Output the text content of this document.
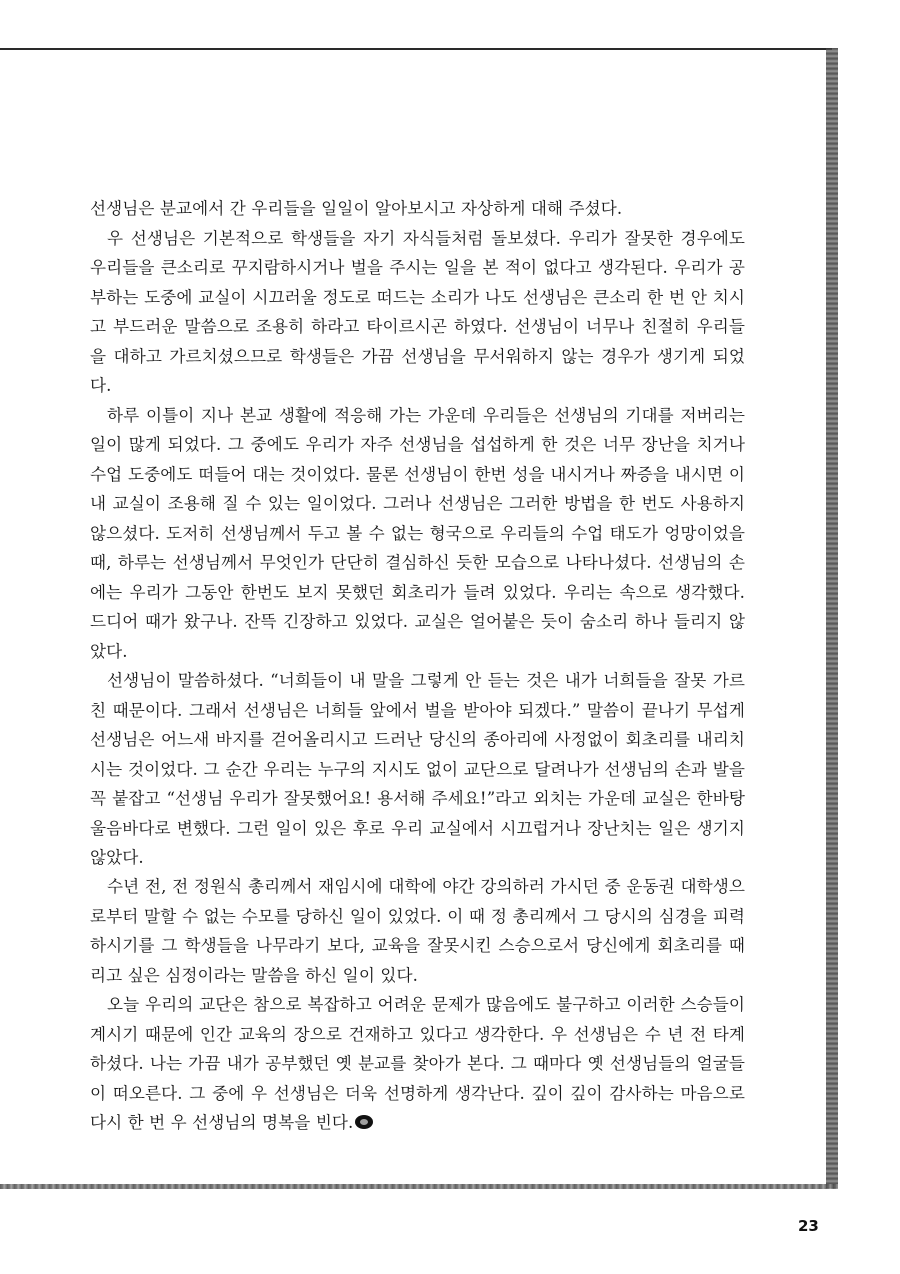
선생님은 분교에서 간 우리들을 일일이 알아보시고 자상하게 대해 주셨다.

우 선생님은 기본적으로 학생들을 자기 자식들처럼 돌보셨다. 우리가 잘못한 경우에도 우리들을 큰소리로 꾸지람하시거나 벌을 주시는 일을 본 적이 없다고 생각된다. 우리가 공부하는 도중에 교실이 시끄러울 정도로 떠드는 소리가 나도 선생님은 큰소리 한 번 안 치시고 부드러운 말씀으로 조용히 하라고 타이르시곤 하였다. 선생님이 너무나 친절히 우리들을 대하고 가르치셨으므로 학생들은 가끔 선생님을 무서워하지 않는 경우가 생기게 되었다.

하루 이틀이 지나 본교 생활에 적응해 가는 가운데 우리들은 선생님의 기대를 저버리는 일이 많게 되었다. 그 중에도 우리가 자주 선생님을 섭섭하게 한 것은 너무 장난을 치거나 수업 도중에도 떠들어 대는 것이었다. 물론 선생님이 한번 성을 내시거나 짜증을 내시면 이내 교실이 조용해 질 수 있는 일이었다. 그러나 선생님은 그러한 방법을 한 번도 사용하지 않으셨다. 도저히 선생님께서 두고 볼 수 없는 형국으로 우리들의 수업 태도가 엉망이었을 때, 하루는 선생님께서 무엇인가 단단히 결심하신 듯한 모습으로 나타나셨다. 선생님의 손에는 우리가 그동안 한번도 보지 못했던 회초리가 들려 있었다. 우리는 속으로 생각했다. 드디어 때가 왔구나. 잔뜩 긴장하고 있었다. 교실은 얼어붙은 듯이 숨소리 하나 들리지 않았다.

선생님이 말씀하셨다. “너희들이 내 말을 그렇게 안 듣는 것은 내가 너희들을 잘못 가르친 때문이다. 그래서 선생님은 너희들 앞에서 벌을 받아야 되겠다.” 말씀이 끝나기 무섭게 선생님은 어느새 바지를 걷어올리시고 드러난 당신의 종아리에 사정없이 회초리를 내리치시는 것이었다. 그 순간 우리는 누구의 지시도 없이 교단으로 달려나가 선생님의 손과 발을 꼭 붙잡고 “선생님 우리가 잘못했어요! 용서해 주세요!”라고 외치는 가운데 교실은 한바탕 울음바다로 변했다. 그런 일이 있은 후로 우리 교실에서 시끄럽거나 장난치는 일은 생기지 않았다.

수년 전, 전 정원식 총리께서 재임시에 대학에 야간 강의하러 가시던 중 운동권 대학생으로부터 말할 수 없는 수모를 당하신 일이 있었다. 이 때 정 총리께서 그 당시의 심경을 피력하시기를 그 학생들을 나무라기 보다, 교육을 잘못시킨 스승으로서 당신에게 회초리를 때리고 싶은 심정이라는 말씀을 하신 일이 있다.

오늘 우리의 교단은 참으로 복잡하고 어려운 문제가 많음에도 불구하고 이러한 스승들이 계시기 때문에 인간 교육의 장으로 건재하고 있다고 생각한다. 우 선생님은 수 년 전 타계하셨다. 나는 가끔 내가 공부했던 옛 분교를 찾아가 본다. 그 때마다 옛 선생님들의 얼굴들이 떠오른다. 그 중에 우 선생님은 더욱 선명하게 생각난다. 깊이 깊이 감사하는 마음으로 다시 한 번 우 선생님의 명복을 빈다.

23
